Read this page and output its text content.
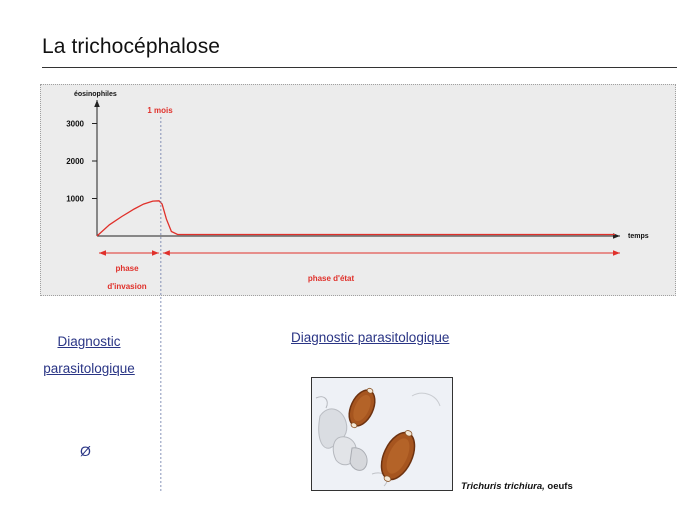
La trichocéphalose
éosinophiles
temps
1000
2000
3000
1 mois
phase
d'invasion
phase d'état
Diagnostic
parasitologique
Ø
Diagnostic parasitologique
Trichuris trichiura, oeufs
